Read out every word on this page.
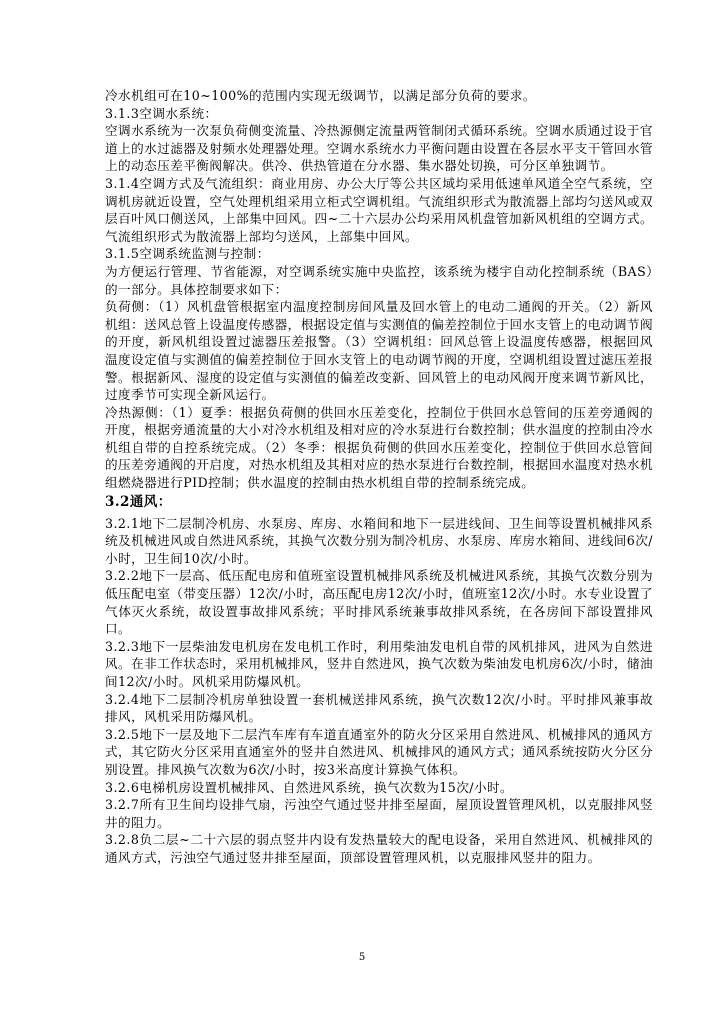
冷水机组可在10~100%的范围内实现无级调节，以满足部分负荷的要求。

3.1.3空调水系统：

空调水系统为一次泵负荷侧变流量、冷热源侧定流量两管制闭式循环系统。空调水质通过设于官道上的水过滤器及射频水处理器处理。空调水系统水力平衡问题由设置在各层水平支干管回水管上的动态压差平衡阀解决。供冷、供热管道在分水器、集水器处切换，可分区单独调节。

3.1.4空调方式及气流组织：商业用房、办公大厅等公共区域均采用低速单风道全空气系统，空调机房就近设置，空气处理机组采用立柜式空调机组。气流组织形式为散流器上部均匀送风或双层百叶风口侧送风，上部集中回风。四~二十六层办公均采用风机盘管加新风机组的空调方式。气流组织形式为散流器上部均匀送风，上部集中回风。

3.1.5空调系统监测与控制：

为方便运行管理、节省能源，对空调系统实施中央监控，该系统为楼宇自动化控制系统（BAS）的一部分。具体控制要求如下：

负荷侧：（1）风机盘管根据室内温度控制房间风量及回水管上的电动二通阀的开关。（2）新风机组：送风总管上设温度传感器，根据设定值与实测值的偏差控制位于回水支管上的电动调节阀的开度，新风机组设置过滤器压差报警。（3）空调机组：回风总管上设温度传感器，根据回风温度设定值与实测值的偏差控制位于回水支管上的电动调节阀的开度，空调机组设置过滤压差报警。根据新风、湿度的设定值与实测值的偏差改变新、回风管上的电动风阀开度来调节新风比，过度季节可实现全新风运行。

冷热源侧：（1）夏季：根据负荷侧的供回水压差变化，控制位于供回水总管间的压差旁通阀的开度，根据旁通流量的大小对冷水机组及相对应的冷水泵进行台数控制；供水温度的控制由冷水机组自带的自控系统完成。（2）冬季：根据负荷侧的供回水压差变化，控制位于供回水总管间的压差旁通阀的开启度，对热水机组及其相对应的热水泵进行台数控制，根据回水温度对热水机组燃烧器进行PID控制；供水温度的控制由热水机组自带的控制系统完成。

3.2通风：

3.2.1地下二层制冷机房、水泵房、库房、水箱间和地下一层进线间、卫生间等设置机械排风系统及机械进风或自然进风系统，其换气次数分别为制冷机房、水泵房、库房水箱间、进线间6次/小时，卫生间10次/小时。

3.2.2地下一层高、低压配电房和值班室设置机械排风系统及机械进风系统，其换气次数分别为低压配电室（带变压器）12次/小时，高压配电房12次/小时，值班室12次/小时。水专业设置了气体灭火系统，故设置事故排风系统；平时排风系统兼事故排风系统，在各房间下部设置排风口。

3.2.3地下一层柴油发电机房在发电机工作时，利用柴油发电机自带的风机排风，进风为自然进风。在非工作状态时，采用机械排风，竖井自然进风，换气次数为柴油发电机房6次/小时，储油间12次/小时。风机采用防爆风机。

3.2.4地下二层制冷机房单独设置一套机械送排风系统，换气次数12次/小时。平时排风兼事故排风，风机采用防爆风机。

3.2.5地下一层及地下二层汽车库有车道直通室外的防火分区采用自然进风、机械排风的通风方式，其它防火分区采用直通室外的竖井自然进风、机械排风的通风方式；通风系统按防火分区分别设置。排风换气次数为6次/小时，按3米高度计算换气体积。

3.2.6电梯机房设置机械排风、自然进风系统，换气次数为15次/小时。

3.2.7所有卫生间均设排气扇，污浊空气通过竖井排至屋面，屋顶设置管理风机，以克服排风竖井的阻力。

3.2.8负二层~二十六层的弱点竖井内设有发热量较大的配电设备，采用自然进风、机械排风的通风方式，污浊空气通过竖井排至屋面，顶部设置管理风机，以克服排风竖井的阻力。

5
